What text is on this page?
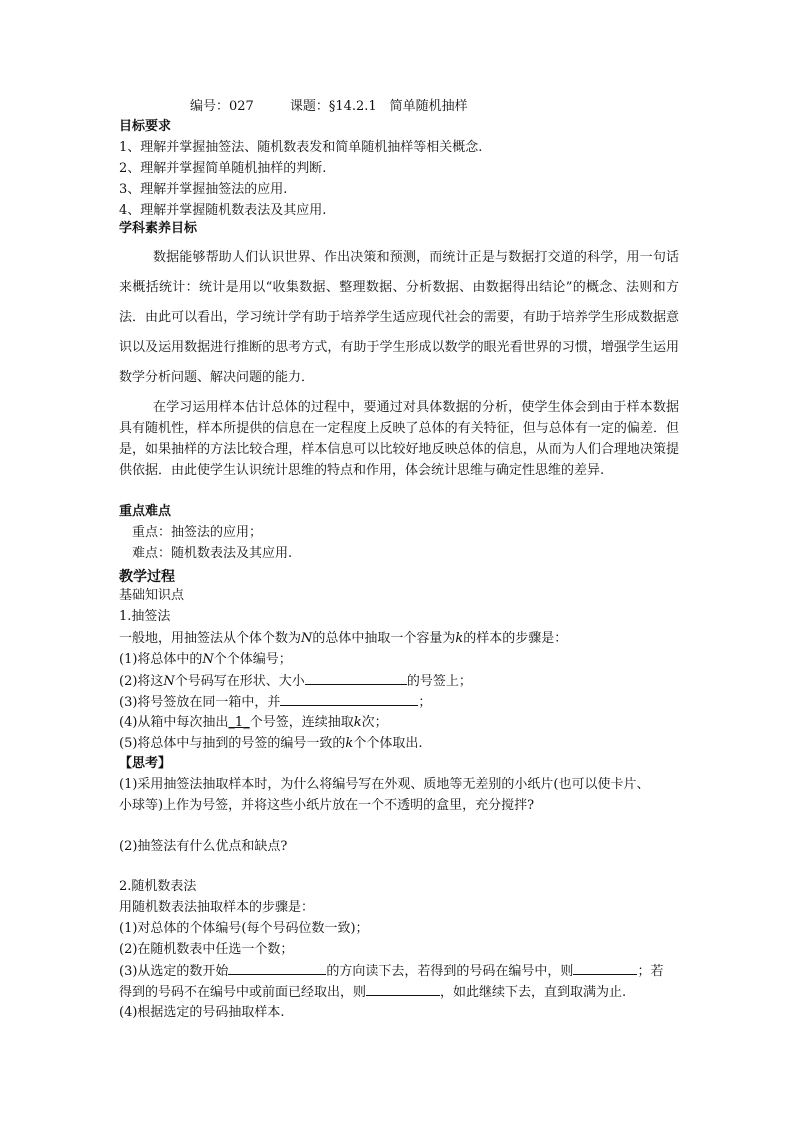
编号：027	课题：§14.2.1　简单随机抽样
目标要求
1、理解并掌握抽签法、随机数表发和简单随机抽样等相关概念.
2、理解并掌握简单随机抽样的判断.
3、理解并掌握抽签法的应用.
4、理解并掌握随机数表法及其应用.
学科素养目标
数据能够帮助人们认识世界、作出决策和预测，而统计正是与数据打交道的科学，用一句话来概括统计：统计是用以“收集数据、整理数据、分析数据、由数据得出结论”的概念、法则和方法．由此可以看出，学习统计学有助于培养学生适应现代社会的需要，有助于培养学生形成数据意识以及运用数据进行推断的思考方式，有助于学生形成以数学的眼光看世界的习惯，增强学生运用数学分析问题、解决问题的能力．
在学习运用样本估计总体的过程中，要通过对具体数据的分析，使学生体会到由于样本数据具有随机性，样本所提供的信息在一定程度上反映了总体的有关特征，但与总体有一定的偏差．但是，如果抽样的方法比较合理，样本信息可以比较好地反映总体的信息，从而为人们合理地决策提供依据．由此使学生认识统计思维的特点和作用，体会统计思维与确定性思维的差异.
重点难点
重点：抽签法的应用；
难点：随机数表法及其应用.
教学过程
基础知识点
1.抽签法
一般地，用抽签法从个体个数为N的总体中抽取一个容量为k的样本的步骤是：
(1)将总体中的N个个体编号；
(2)将这N个号码写在形状、大小	的号签上；
(3)将号签放在同一箱中，并	；
(4)从箱中每次抽出_1_个号签，连续抽取k次；
(5)将总体中与抽到的号签的编号一致的k个个体取出.
【思考】
(1)采用抽签法抽取样本时，为什么将编号写在外观、质地等无差别的小纸片(也可以使卡片、
小球等)上作为号签，并将这些小纸片放在一个不透明的盒里，充分搅拌?
(2)抽签法有什么优点和缺点?
2.随机数表法
用随机数表法抽取样本的步骤是：
(1)对总体的个体编号(每个号码位数一致)；
(2)在随机数表中任选一个数；
(3)从选定的数开始	的方向读下去，若得到的号码在编号中，则	；若
得到的号码不在编号中或前面已经取出，则	，如此继续下去，直到取满为止.
(4)根据选定的号码抽取样本.
